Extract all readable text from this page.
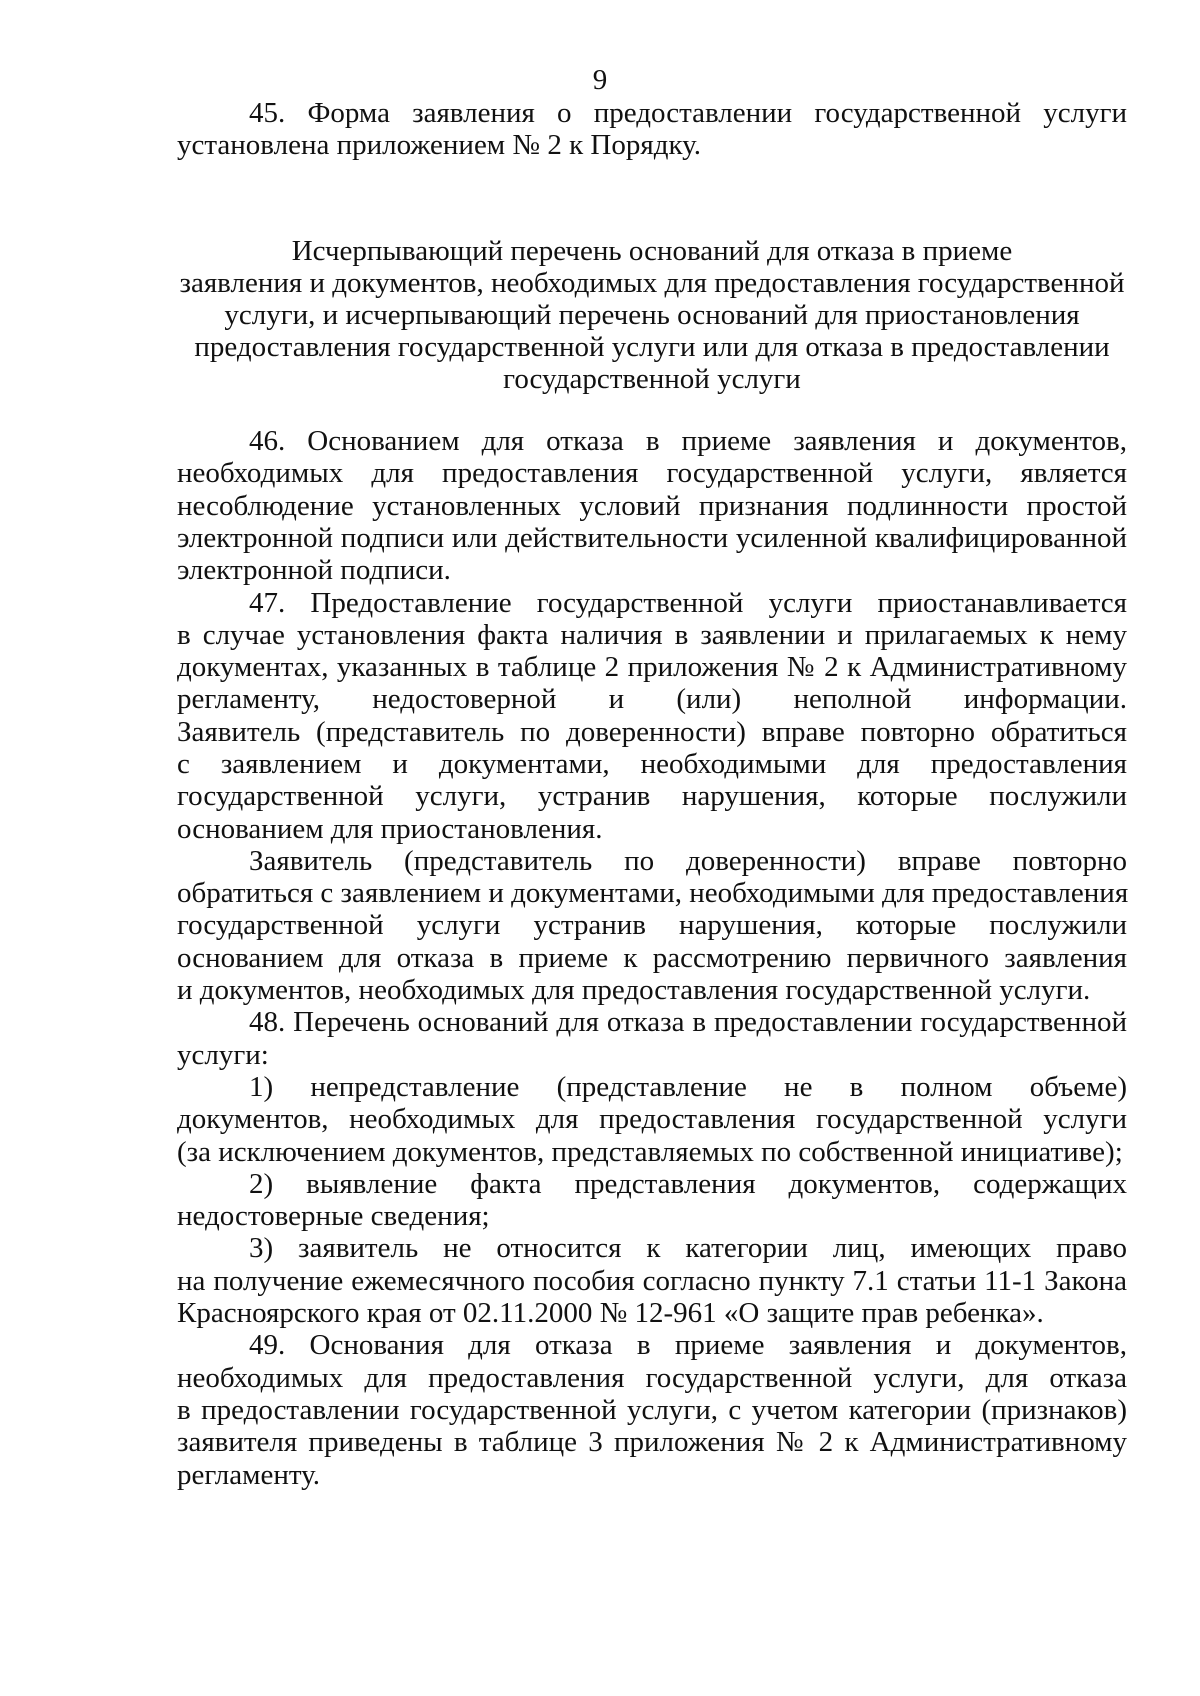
9
45. Форма заявления о предоставлении государственной услуги
установлена приложением № 2 к Порядку.
Исчерпывающий перечень оснований для отказа в приеме
заявления и документов, необходимых для предоставления государственной
услуги, и исчерпывающий перечень оснований для приостановления
предоставления государственной услуги или для отказа в предоставлении
государственной услуги
46. Основанием для отказа в приеме заявления и документов,
необходимых для предоставления государственной услуги, является
несоблюдение установленных условий признания подлинности простой
электронной подписи или действительности усиленной квалифицированной
электронной подписи.
47. Предоставление государственной услуги приостанавливается
в случае установления факта наличия в заявлении и прилагаемых к нему
документах, указанных в таблице 2 приложения № 2 к Административному
регламенту, недостоверной и (или) неполной информации.
Заявитель (представитель по доверенности) вправе повторно обратиться
с заявлением и документами, необходимыми для предоставления
государственной услуги, устранив нарушения, которые послужили
основанием для приостановления.
Заявитель (представитель по доверенности) вправе повторно
обратиться с заявлением и документами, необходимыми для предоставления
государственной услуги устранив нарушения, которые послужили
основанием для отказа в приеме к рассмотрению первичного заявления
и документов, необходимых для предоставления государственной услуги.
48. Перечень оснований для отказа в предоставлении государственной
услуги:
1) непредставление (представление не в полном объеме)
документов, необходимых для предоставления государственной услуги
(за исключением документов, представляемых по собственной инициативе);
2) выявление факта представления документов, содержащих
недостоверные сведения;
3) заявитель не относится к категории лиц, имеющих право
на получение ежемесячного пособия согласно пункту 7.1 статьи 11-1 Закона
Красноярского края от 02.11.2000 № 12-961 «О защите прав ребенка».
49. Основания для отказа в приеме заявления и документов,
необходимых для предоставления государственной услуги, для отказа
в предоставлении государственной услуги, с учетом категории (признаков)
заявителя приведены в таблице 3 приложения № 2 к Административному
регламенту.
